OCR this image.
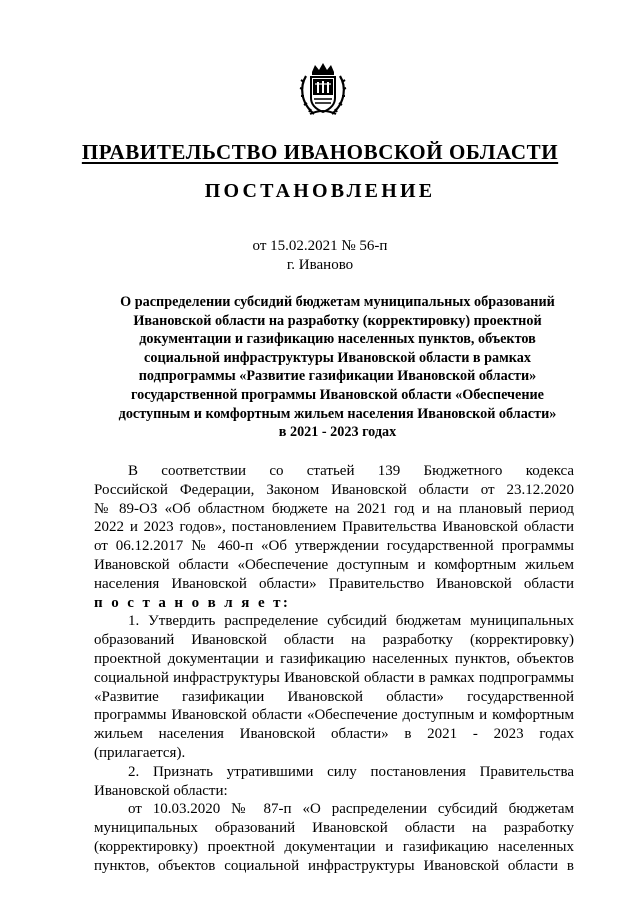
ПРАВИТЕЛЬСТВО ИВАНОВСКОЙ ОБЛАСТИ
ПОСТАНОВЛЕНИЕ
от 15.02.2021 № 56-п
г. Иваново
О распределении субсидий бюджетам муниципальных образований
Ивановской области на разработку (корректировку) проектной
документации и газификацию населенных пунктов, объектов
социальной инфраструктуры Ивановской области в рамках
подпрограммы «Развитие газификации Ивановской области»
государственной программы Ивановской области «Обеспечение
доступным и комфортным жильем населения Ивановской области»
в 2021 - 2023 годах
В соответствии со статьей 139 Бюджетного кодекса
Российской Федерации, Законом Ивановской области от 23.12.2020
№ 89-ОЗ «Об областном бюджете на 2021 год и на плановый период
2022 и 2023 годов», постановлением Правительства Ивановской области
от 06.12.2017 № 460-п «Об утверждении государственной программы
Ивановской области «Обеспечение доступным и комфортным жильем
населения Ивановской области» Правительство Ивановской области
п о с т а н о в л я е т:
1. Утвердить распределение субсидий бюджетам муниципальных
образований Ивановской области на разработку (корректировку)
проектной документации и газификацию населенных пунктов, объектов
социальной инфраструктуры Ивановской области в рамках подпрограммы
«Развитие газификации Ивановской области» государственной
программы Ивановской области «Обеспечение доступным и комфортным
жильем населения Ивановской области» в 2021 - 2023 годах
(прилагается).
2. Признать утратившими силу постановления Правительства
Ивановской области:
от 10.03.2020 № 87-п «О распределении субсидий бюджетам
муниципальных образований Ивановской области на разработку
(корректировку) проектной документации и газификацию населенных
пунктов, объектов социальной инфраструктуры Ивановской области в
